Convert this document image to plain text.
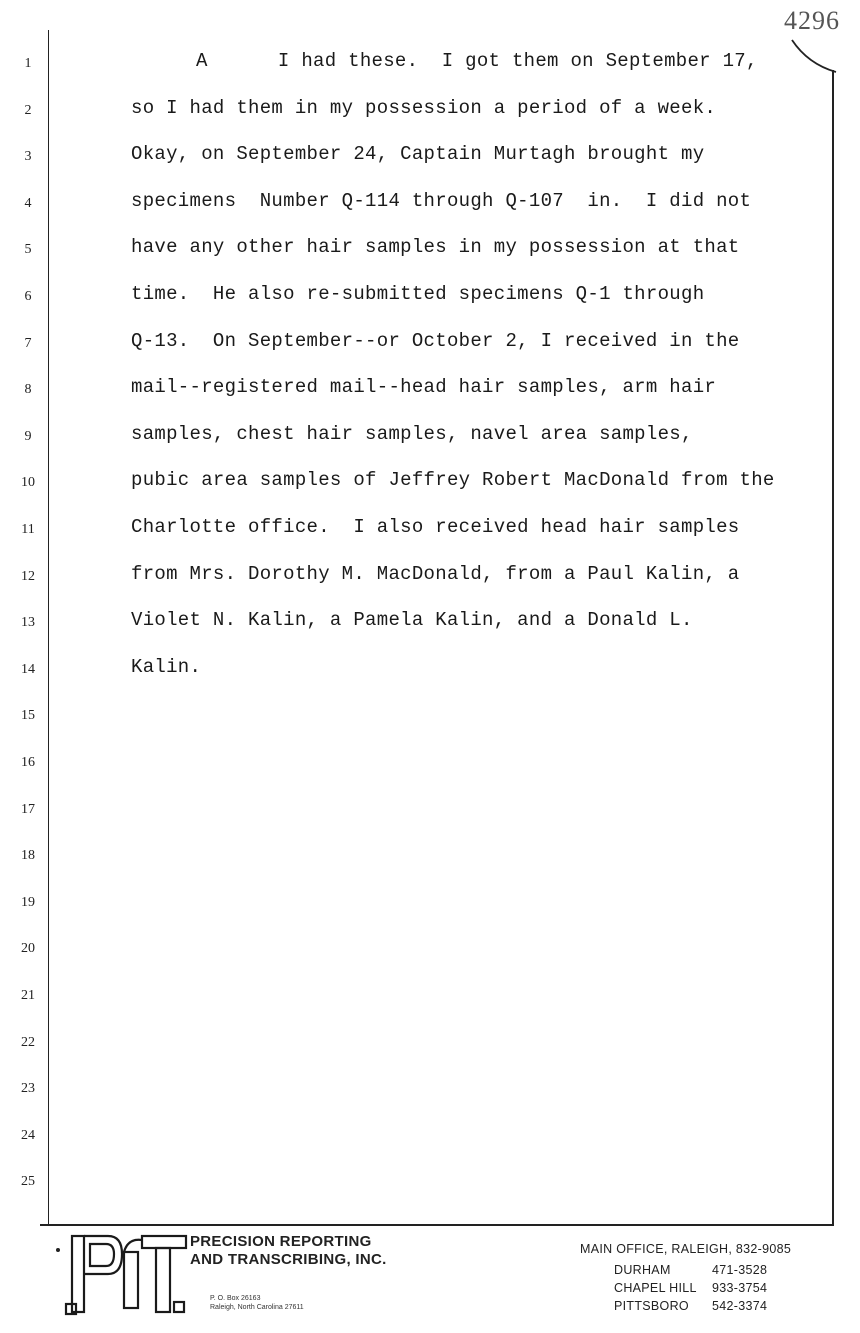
4296
1
2
3
4
5
6
7
8
9
10
11
12
13
14
15
16
17
18
19
20
21
22
23
24
25
A      I had these.  I got them on September 17,
so I had them in my possession a period of a week.
Okay, on September 24, Captain Murtagh brought my
specimens  Number Q-114 through Q-107  in.  I did not
have any other hair samples in my possession at that
time.  He also re-submitted specimens Q-1 through
Q-13.  On September--or October 2, I received in the
mail--registered mail--head hair samples, arm hair
samples, chest hair samples, navel area samples,
pubic area samples of Jeffrey Robert MacDonald from the
Charlotte office.  I also received head hair samples
from Mrs. Dorothy M. MacDonald, from a Paul Kalin, a
Violet N. Kalin, a Pamela Kalin, and a Donald L.
Kalin.
PRECISION REPORTING
AND TRANSCRIBING, INC.
P. O. Box 26163
Raleigh, North Carolina 27611
MAIN OFFICE, RALEIGH, 832-9085
DURHAM	471-3528
CHAPEL HILL 933-3754
PITTSBORO 542-3374
